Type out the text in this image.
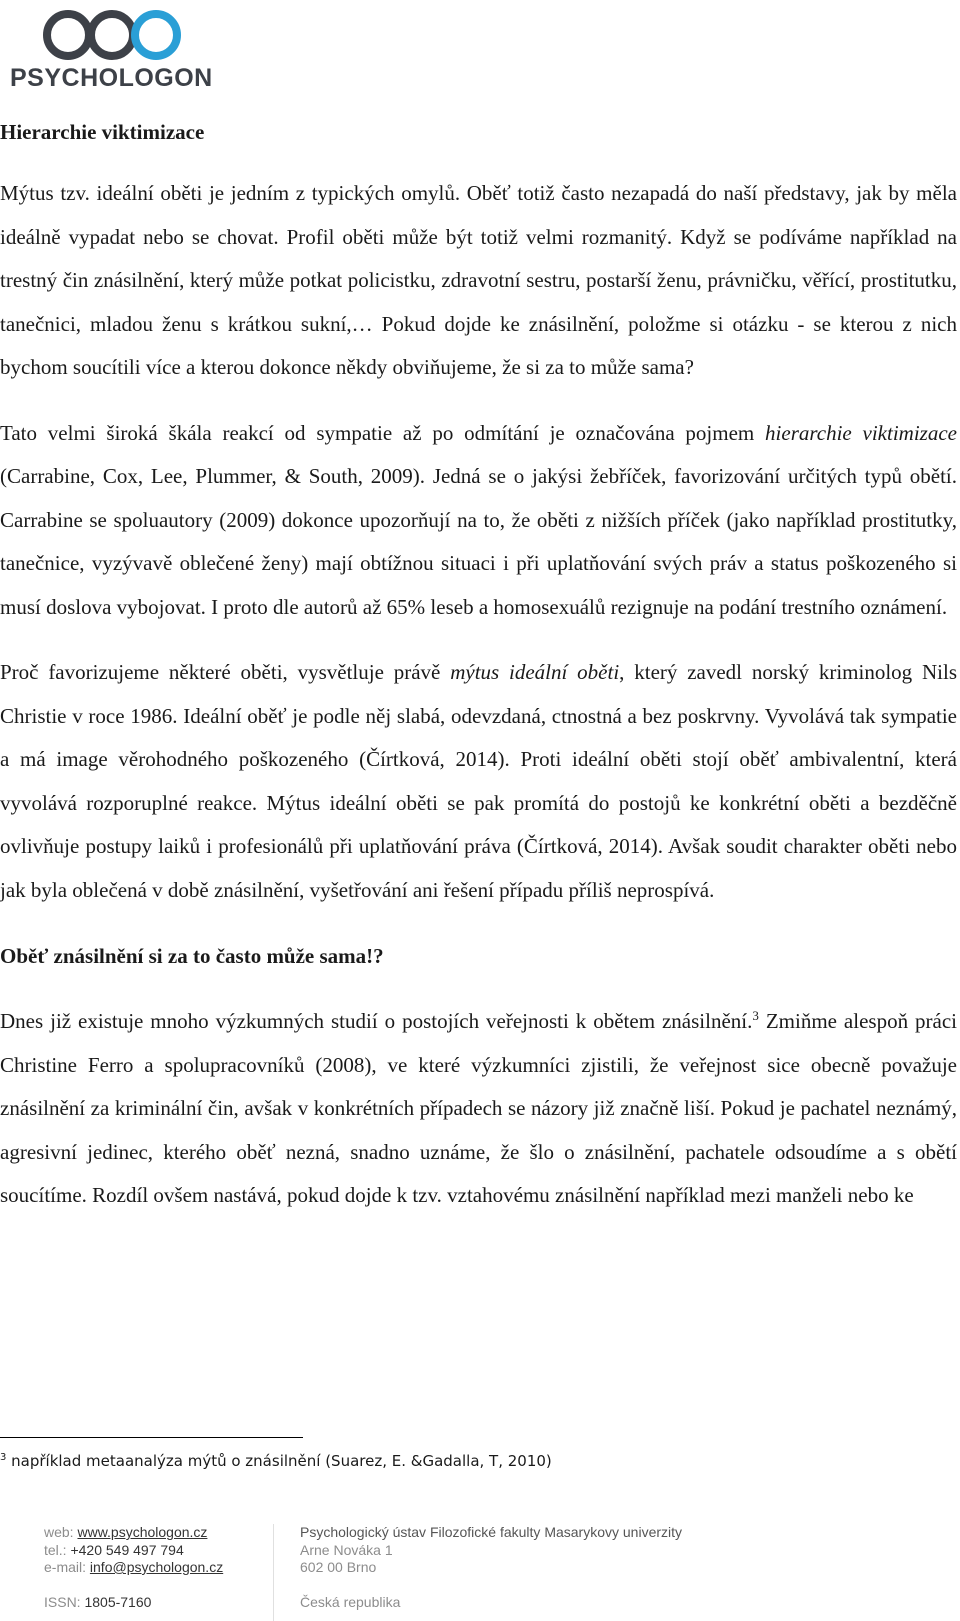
PSYCHOLOGON

Hierarchie viktimizace

Mýtus tzv. ideální oběti je jedním z typických omylů. Oběť totiž často nezapadá do naší představy, jak by měla ideálně vypadat nebo se chovat. Profil oběti může být totiž velmi rozmanitý. Když se podíváme například na trestný čin znásilnění, který může potkat policistku, zdravotní sestru, postarší ženu, právničku, věřící, prostitutku, tanečnici, mladou ženu s krátkou sukní,… Pokud dojde ke znásilnění, položme si otázku - se kterou z nich bychom soucítili více a kterou dokonce někdy obviňujeme, že si za to může sama?

Tato velmi široká škála reakcí od sympatie až po odmítání je označována pojmem hierarchie viktimizace (Carrabine, Cox, Lee, Plummer, & South, 2009). Jedná se o jakýsi žebříček, favorizování určitých typů obětí. Carrabine se spoluautory (2009) dokonce upozorňují na to, že oběti z nižších příček (jako například prostitutky, tanečnice, vyzývavě oblečené ženy) mají obtížnou situaci i při uplatňování svých práv a status poškozeného si musí doslova vybojovat. I proto dle autorů až 65% leseb a homosexuálů rezignuje na podání trestního oznámení.

Proč favorizujeme některé oběti, vysvětluje právě mýtus ideální oběti, který zavedl norský kriminolog Nils Christie v roce 1986. Ideální oběť je podle něj slabá, odevzdaná, ctnostná a bez poskrvny. Vyvolává tak sympatie a má image věrohodného poškozeného (Čírtková, 2014). Proti ideální oběti stojí oběť ambivalentní, která vyvolává rozporuplné reakce. Mýtus ideální oběti se pak promítá do postojů ke konkrétní oběti a bezděčně ovlivňuje postupy laiků i profesionálů při uplatňování práva (Čírtková, 2014). Avšak soudit charakter oběti nebo jak byla oblečená v době znásilnění, vyšetřování ani řešení případu příliš neprospívá.

Oběť znásilnění si za to často může sama!?

Dnes již existuje mnoho výzkumných studií o postojích veřejnosti k obětem znásilnění.$^3$ Zmiňme alespoň práci Christine Ferro a spolupracovníků (2008), ve které výzkumníci zjistili, že veřejnost sice obecně považuje znásilnění za kriminální čin, avšak v konkrétních případech se názory již značně liší. Pokud je pachatel neznámý, agresivní jedinec, kterého oběť nezná, snadno uznáme, že šlo o znásilnění, pachatele odsoudíme a s obětí soucítíme. Rozdíl ovšem nastává, pokud dojde k tzv. vztahovému znásilnění například mezi manželi nebo ke

$^3$ například metaanalýza mýtů o znásilnění (Suarez, E. &Gadalla, T, 2010)
web: www.psychologon.cz
tel.: +420 549 497 794
e-mail: info@psychologon.cz
ISSN: 1805-7160
Psychologický ústav Filozofické fakulty Masarykovy univerzity
Arne Nováka 1
602 00 Brno
Česká republika
